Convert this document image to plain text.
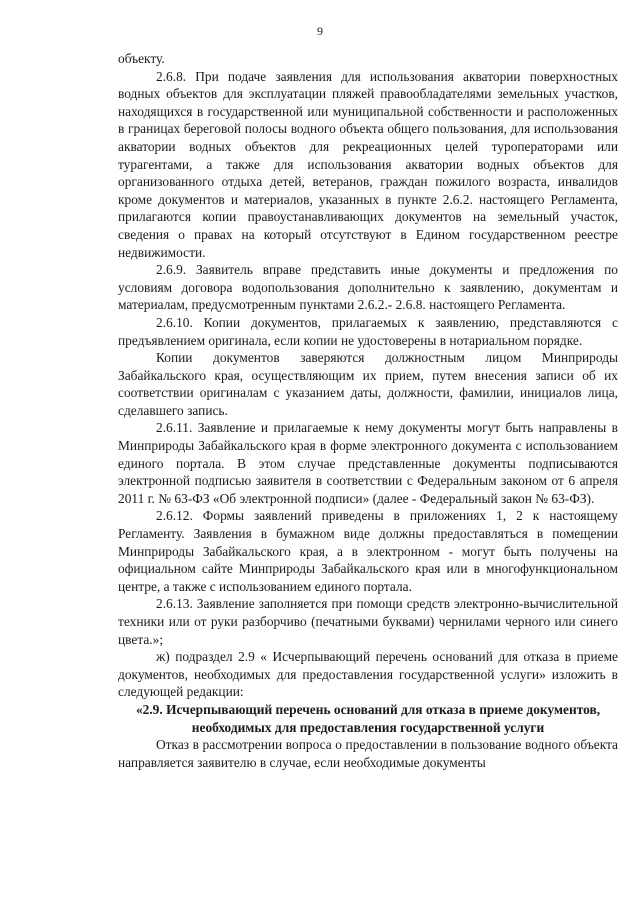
9

объекту.

2.6.8. При подаче заявления для использования акватории поверхностных водных объектов для эксплуатации пляжей правообладателями земельных участков, находящихся в государственной или муниципальной собственности и расположенных в границах береговой полосы водного объекта общего пользования, для использования акватории водных объектов для рекреационных целей туроператорами или турагентами, а также для использования акватории водных объектов для организованного отдыха детей, ветеранов, граждан пожилого возраста, инвалидов кроме документов и материалов, указанных в пункте 2.6.2. настоящего Регламента, прилагаются копии правоустанавливающих документов на земельный участок, сведения о правах на который отсутствуют в Едином государственном реестре недвижимости.

2.6.9. Заявитель вправе представить иные документы и предложения по условиям договора водопользования дополнительно к заявлению, документам и материалам, предусмотренным пунктами 2.6.2.- 2.6.8. настоящего Регламента.

2.6.10. Копии документов, прилагаемых к заявлению, представляются с предъявлением оригинала, если копии не удостоверены в нотариальном порядке.

Копии документов заверяются должностным лицом Минприроды Забайкальского края, осуществляющим их прием, путем внесения записи об их соответствии оригиналам с указанием даты, должности, фамилии, инициалов лица, сделавшего запись.

2.6.11. Заявление и прилагаемые к нему документы могут быть направлены в Минприроды Забайкальского края в форме электронного документа с использованием единого портала. В этом случае представленные документы подписываются электронной подписью заявителя в соответствии с Федеральным законом от 6 апреля 2011 г. № 63-ФЗ «Об электронной подписи» (далее - Федеральный закон № 63-ФЗ).

2.6.12. Формы заявлений приведены в приложениях 1, 2 к настоящему Регламенту. Заявления в бумажном виде должны предоставляться в помещении Минприроды Забайкальского края, а в электронном - могут быть получены на официальном сайте Минприроды Забайкальского края или в многофункциональном центре, а также с использованием единого портала.

2.6.13. Заявление заполняется при помощи средств электронно-вычислительной техники или от руки разборчиво (печатными буквами) чернилами черного или синего цвета.»;

ж) подраздел 2.9 « Исчерпывающий перечень оснований для отказа в приеме документов, необходимых для предоставления государственной услуги» изложить в следующей редакции:

«2.9. Исчерпывающий перечень оснований для отказа в приеме документов, необходимых для предоставления государственной услуги

Отказ в рассмотрении вопроса о предоставлении в пользование водного объекта направляется заявителю в случае, если необходимые документы
